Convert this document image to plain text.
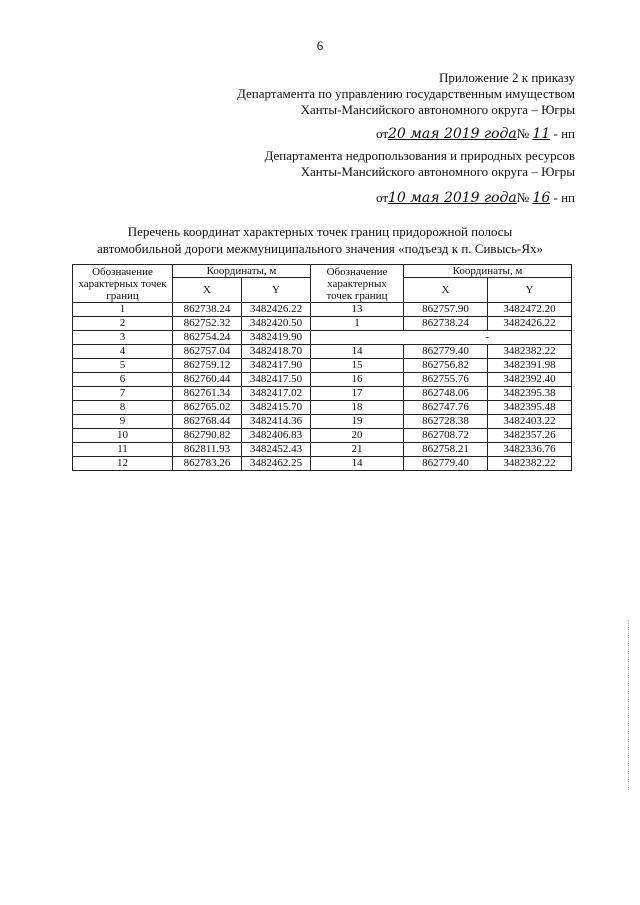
6
Приложение 2 к приказу
Департамента по управлению государственным имуществом
Ханты-Мансийского автономного округа – Югры
от20 мая 2019 года№ 11 - нп
Департамента недропользования и природных ресурсов
Ханты-Мансийского автономного округа – Югры
от10 мая 2019 года№ 16 - нп
Перечень координат характерных точек границ придорожной полосы
автомобильной дороги межмуниципального значения «подъезд к п. Сивысь-Ях»
Обозначение характерных точек границ	Координаты, м		Обозначение характерных точек границ	Координаты, м	
	X	Y		X	Y
1	862738.24	3482426.22	13	862757.90	3482472.20
2	862752.32	3482420.50	1	862738.24	3482426.22
3	862754.24	3482419.90		-	
4	862757.04	3482418.70	14	862779.40	3482382.22
5	862759.12	3482417.90	15	862756.82	3482391.98
6	862760.44	3482417.50	16	862755.76	3482392.40
7	862761.34	3482417.02	17	862748.06	3482395.38
8	862765.02	3482415.70	18	862747.76	3482395.48
9	862768.44	3482414.36	19	862728.38	3482403.22
10	862790.82	3482406.83	20	862708.72	3482357.26
11	862811.93	3482452.43	21	862758.21	3482336.76
12	862783.26	3482462.25	14	862779.40	3482382.22
